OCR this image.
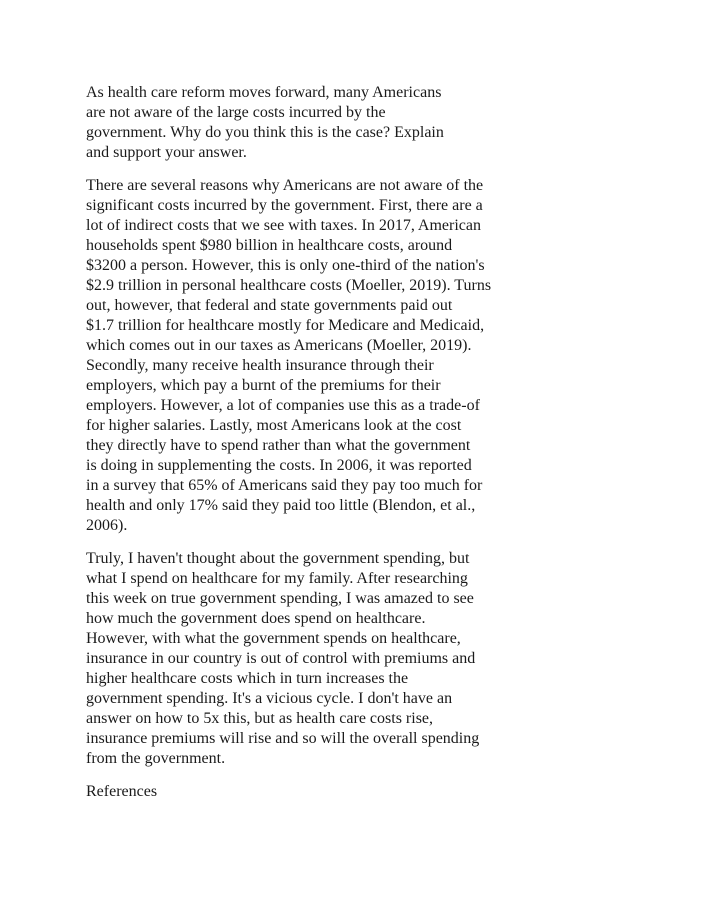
As health care reform moves forward, many Americans
are not aware of the large costs incurred by the
government. Why do you think this is the case? Explain
and support your answer.
There are several reasons why Americans are not aware of the
significant costs incurred by the government. First, there are a
lot of indirect costs that we see with taxes. In 2017, American
households spent $980 billion in healthcare costs, around
$3200 a person. However, this is only one-third of the nation's
$2.9 trillion in personal healthcare costs (Moeller, 2019). Turns
out, however, that federal and state governments paid out
$1.7 trillion for healthcare mostly for Medicare and Medicaid,
which comes out in our taxes as Americans (Moeller, 2019).
Secondly, many receive health insurance through their
employers, which pay a burnt of the premiums for their
employers. However, a lot of companies use this as a trade-of
for higher salaries. Lastly, most Americans look at the cost
they directly have to spend rather than what the government
is doing in supplementing the costs. In 2006, it was reported
in a survey that 65% of Americans said they pay too much for
health and only 17% said they paid too little (Blendon, et al.,
2006).
Truly, I haven't thought about the government spending, but
what I spend on healthcare for my family. After researching
this week on true government spending, I was amazed to see
how much the government does spend on healthcare.
However, with what the government spends on healthcare,
insurance in our country is out of control with premiums and
higher healthcare costs which in turn increases the
government spending. It's a vicious cycle. I don't have an
answer on how to 5x this, but as health care costs rise,
insurance premiums will rise and so will the overall spending
from the government.
References
